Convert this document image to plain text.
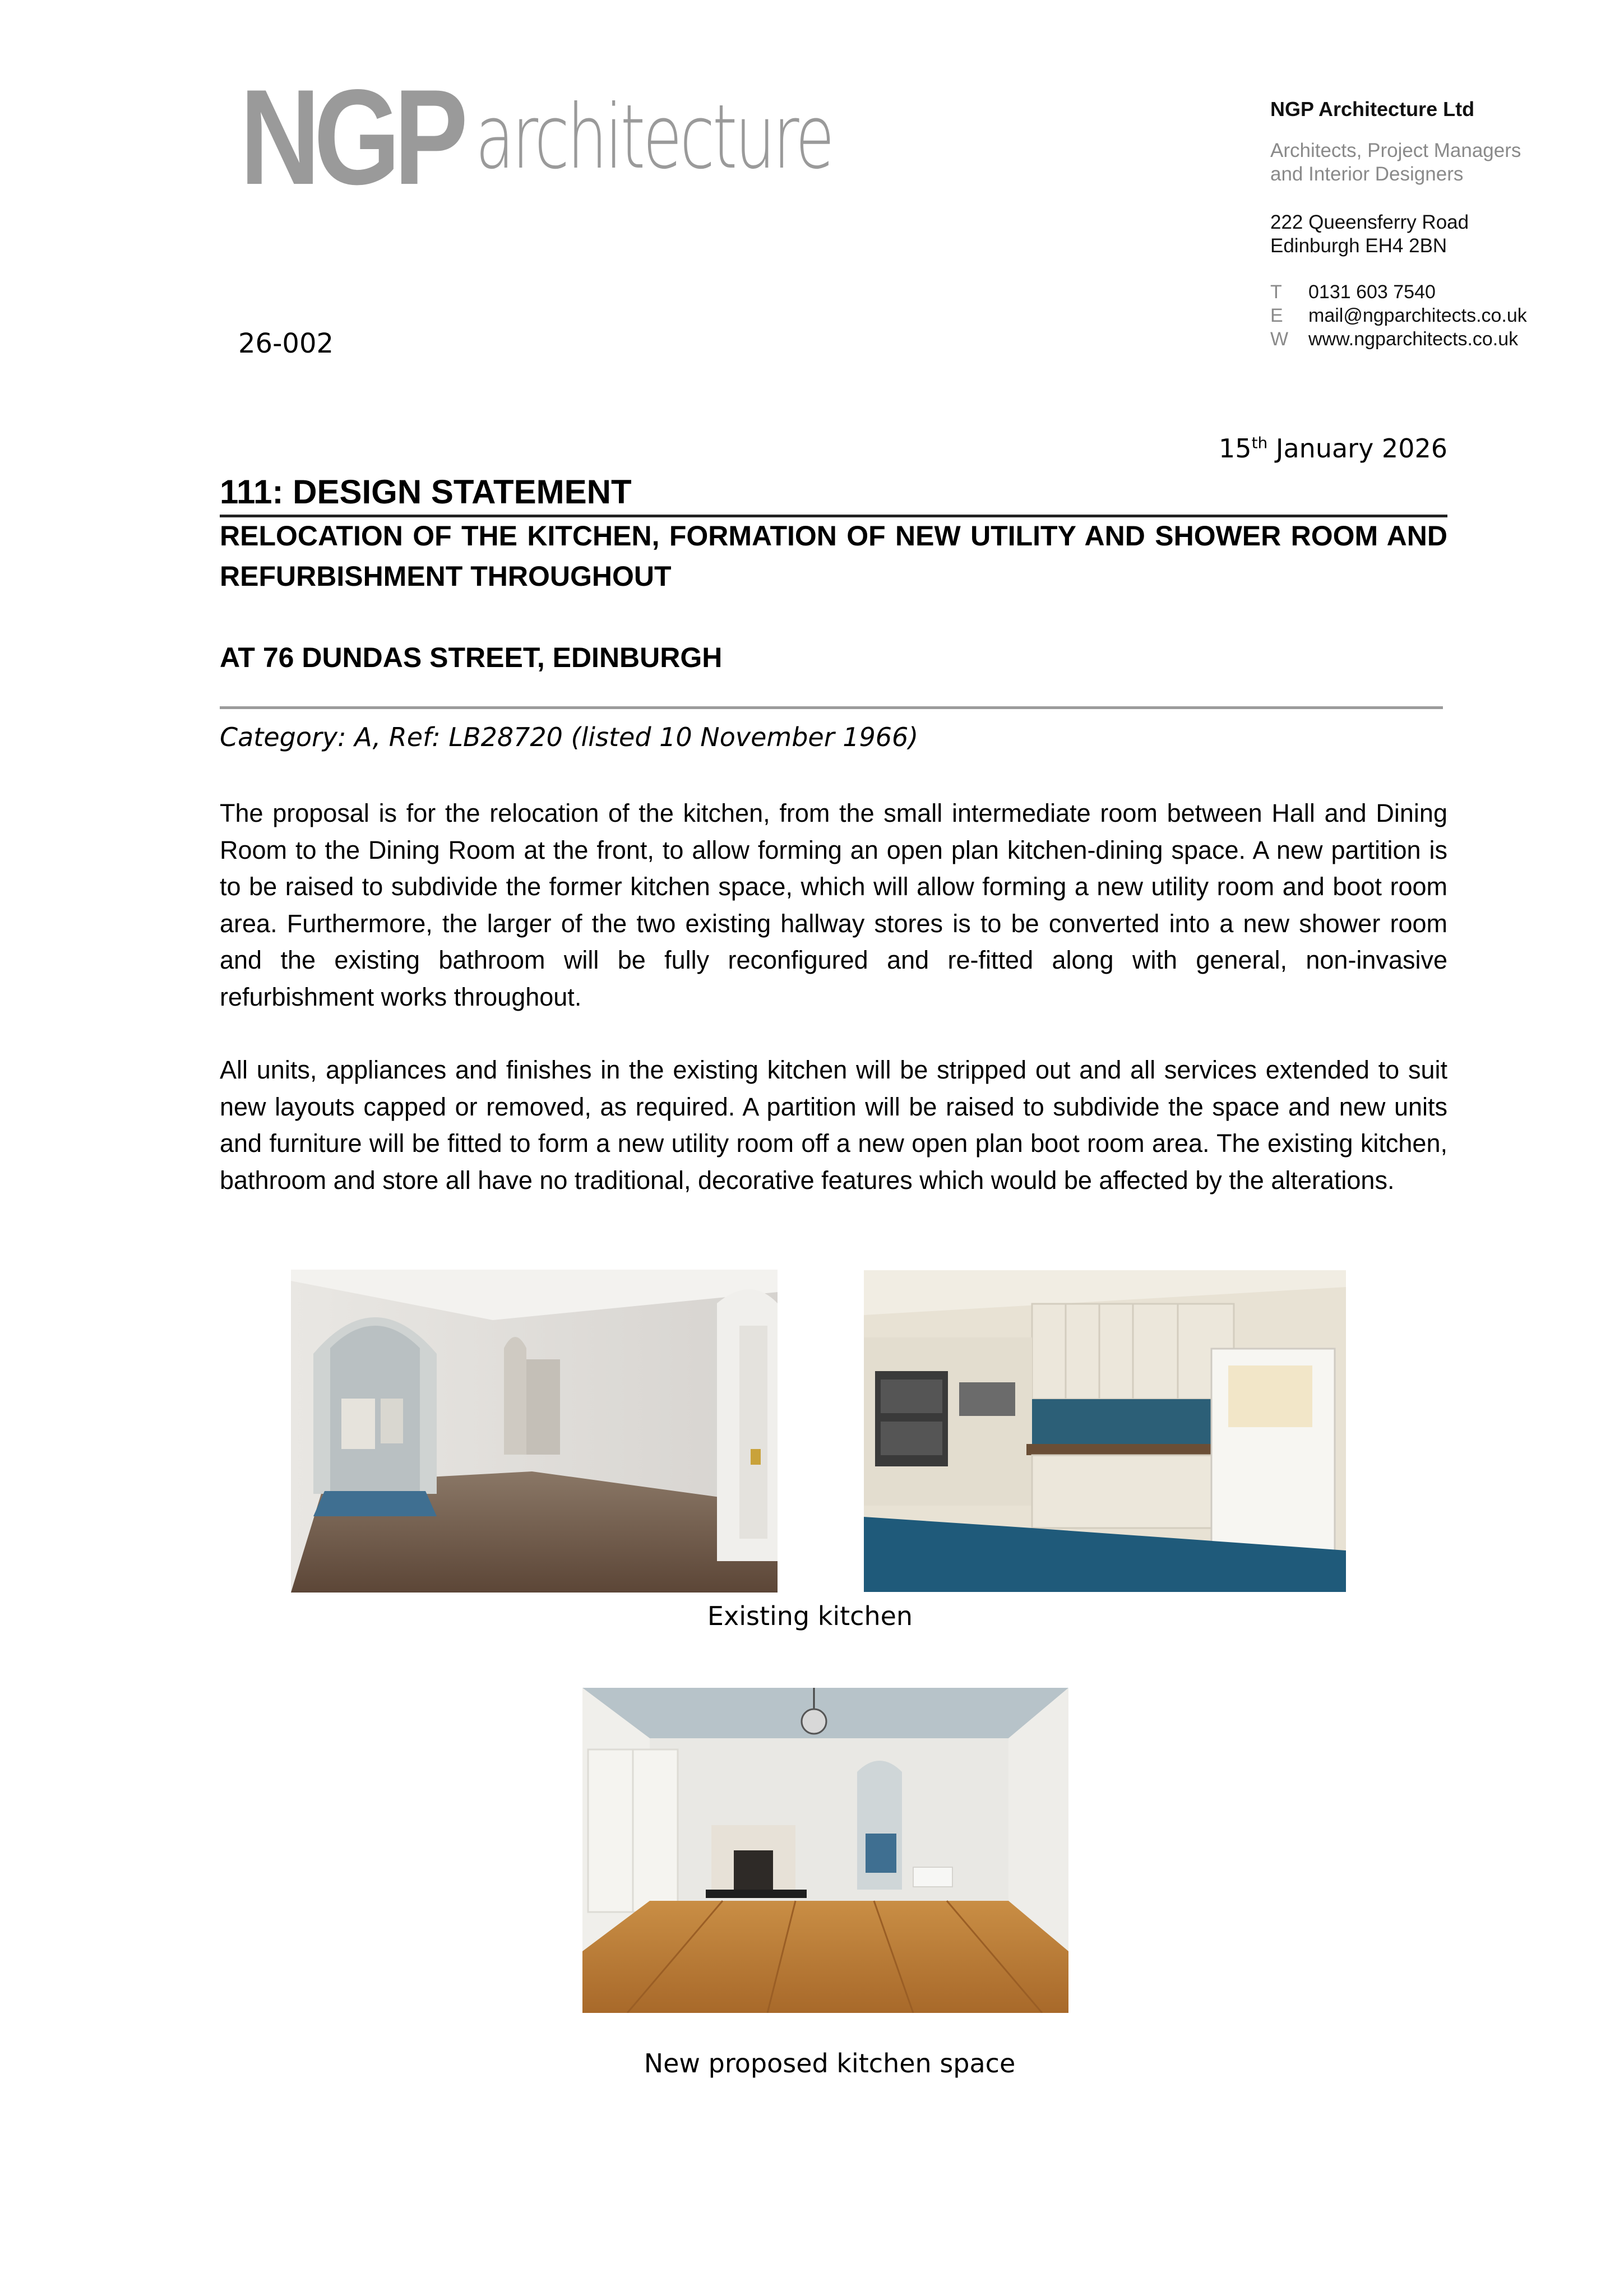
NGP architecture	NGP Architecture Ltd
Architects, Project Managers
and Interior Designers
222 Queensferry Road
Edinburgh EH4 2BN
T	0131 603 7540
E	mail@ngparchitects.co.uk
W	www.ngparchitects.co.uk
26-002
15th January 2026
111: DESIGN STATEMENT
RELOCATION OF THE KITCHEN, FORMATION OF NEW UTILITY AND SHOWER ROOM AND REFURBISHMENT THROUGHOUT
AT 76 DUNDAS STREET, EDINBURGH
Category: A, Ref: LB28720 (listed 10 November 1966)
The proposal is for the relocation of the kitchen, from the small intermediate room between Hall and Dining Room to the Dining Room at the front, to allow forming an open plan kitchen-dining space. A new partition is to be raised to subdivide the former kitchen space, which will allow forming a new utility room and boot room area. Furthermore, the larger of the two existing hallway stores is to be converted into a new shower room and the existing bathroom will be fully reconfigured and re-fitted along with general, non-invasive refurbishment works throughout.
All units, appliances and finishes in the existing kitchen will be stripped out and all services extended to suit new layouts capped or removed, as required. A partition will be raised to subdivide the space and new units and furniture will be fitted to form a new utility room off a new open plan boot room area. The existing kitchen, bathroom and store all have no traditional, decorative features which would be affected by the alterations.
Existing kitchen
New proposed kitchen space
